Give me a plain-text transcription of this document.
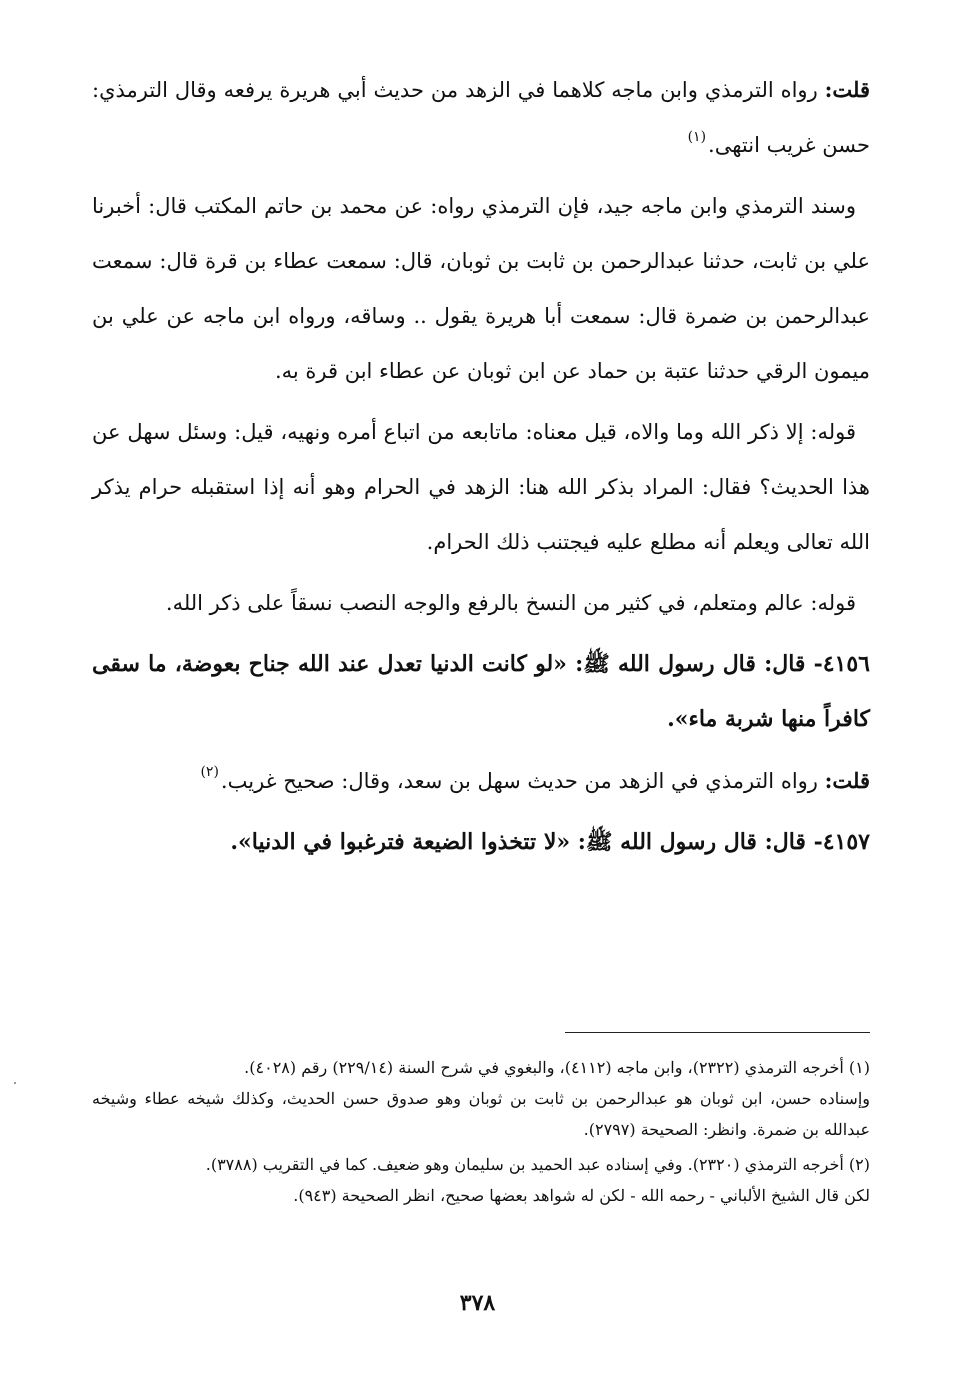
قلت: رواه الترمذي وابن ماجه كلاهما في الزهد من حديث أبي هريرة يرفعه وقال الترمذي: حسن غريب انتهى.$^{(١)}$

وسند الترمذي وابن ماجه جيد، فإن الترمذي رواه: عن محمد بن حاتم المكتب قال: أخبرنا علي بن ثابت، حدثنا عبدالرحمن بن ثابت بن ثوبان، قال: سمعت عطاء بن قرة قال: سمعت عبدالرحمن بن ضمرة قال: سمعت أبا هريرة يقول .. وساقه، ورواه ابن ماجه عن علي بن ميمون الرقي حدثنا عتبة بن حماد عن ابن ثوبان عن عطاء ابن قرة به.

قوله: إلا ذكر الله وما والاه، قيل معناه: ماتابعه من اتباع أمره ونهيه، قيل: وسئل سهل عن هذا الحديث؟ فقال: المراد بذكر الله هنا: الزهد في الحرام وهو أنه إذا استقبله حرام يذكر الله تعالى ويعلم أنه مطلع عليه فيجتنب ذلك الحرام.

قوله: عالم ومتعلم، في كثير من النسخ بالرفع والوجه النصب نسقاً على ذكر الله.

٤١٥٦- قال: قال رسول الله ﷺ: «لو كانت الدنيا تعدل عند الله جناح بعوضة، ما سقى كافراً منها شربة ماء».

قلت: رواه الترمذي في الزهد من حديث سهل بن سعد، وقال: صحيح غريب.$^{(٢)}$

٤١٥٧- قال: قال رسول الله ﷺ: «لا تتخذوا الضيعة فترغبوا في الدنيا».

(١) أخرجه الترمذي (٢٣٢٢)، وابن ماجه (٤١١٢)، والبغوي في شرح السنة (٢٢٩/١٤) رقم (٤٠٢٨).
وإسناده حسن، ابن ثوبان هو عبدالرحمن بن ثابت بن ثوبان وهو صدوق حسن الحديث، وكذلك شيخه عطاء وشيخه عبدالله بن ضمرة. وانظر: الصحيحة (٢٧٩٧).

(٢) أخرجه الترمذي (٢٣٢٠). وفي إسناده عبد الحميد بن سليمان وهو ضعيف. كما في التقريب (٣٧٨٨).
لكن قال الشيخ الألباني - رحمه الله - لكن له شواهد بعضها صحيح، انظر الصحيحة (٩٤٣).

٣٧٨
